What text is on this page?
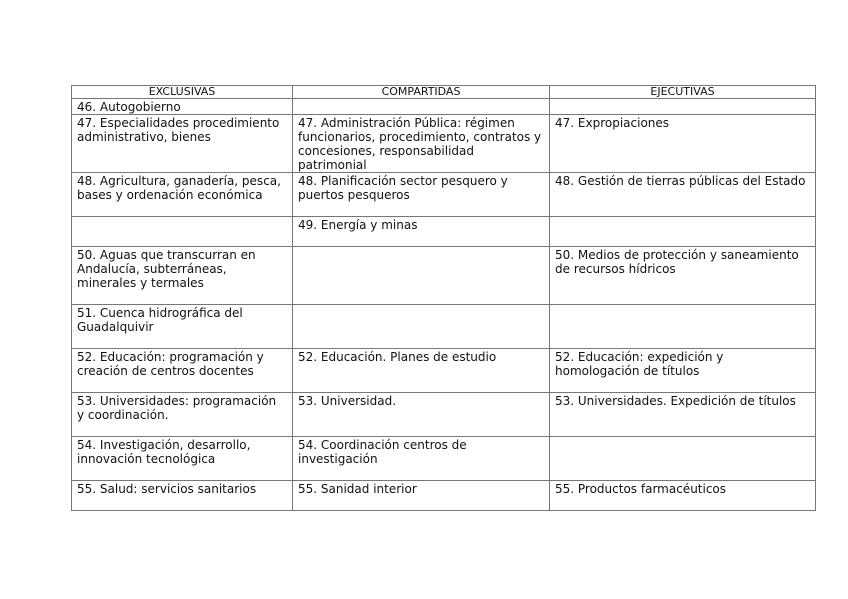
EXCLUSIVAS	COMPARTIDAS	EJECUTIVAS
46. Autogobierno		
47. Especialidades procedimiento administrativo, bienes	47. Administración Pública: régimen funcionarios, procedimiento, contratos y concesiones, responsabilidad patrimonial	47. Expropiaciones
48. Agricultura, ganadería, pesca, bases y ordenación económica	48. Planificación sector pesquero y puertos pesqueros	48. Gestión de tierras públicas del Estado
	49. Energía y minas	
50. Aguas que transcurran en Andalucía, subterráneas, minerales y termales		50. Medios de protección y saneamiento de recursos hídricos
51. Cuenca hidrográfica del Guadalquivir		
52. Educación: programación y creación de centros docentes	52. Educación. Planes de estudio	52. Educación: expedición y homologación de títulos
53. Universidades: programación y coordinación.	53. Universidad.	53. Universidades. Expedición de títulos
54. Investigación, desarrollo, innovación tecnológica	54. Coordinación centros de investigación	
55. Salud: servicios sanitarios	55. Sanidad interior	55. Productos farmacéuticos
